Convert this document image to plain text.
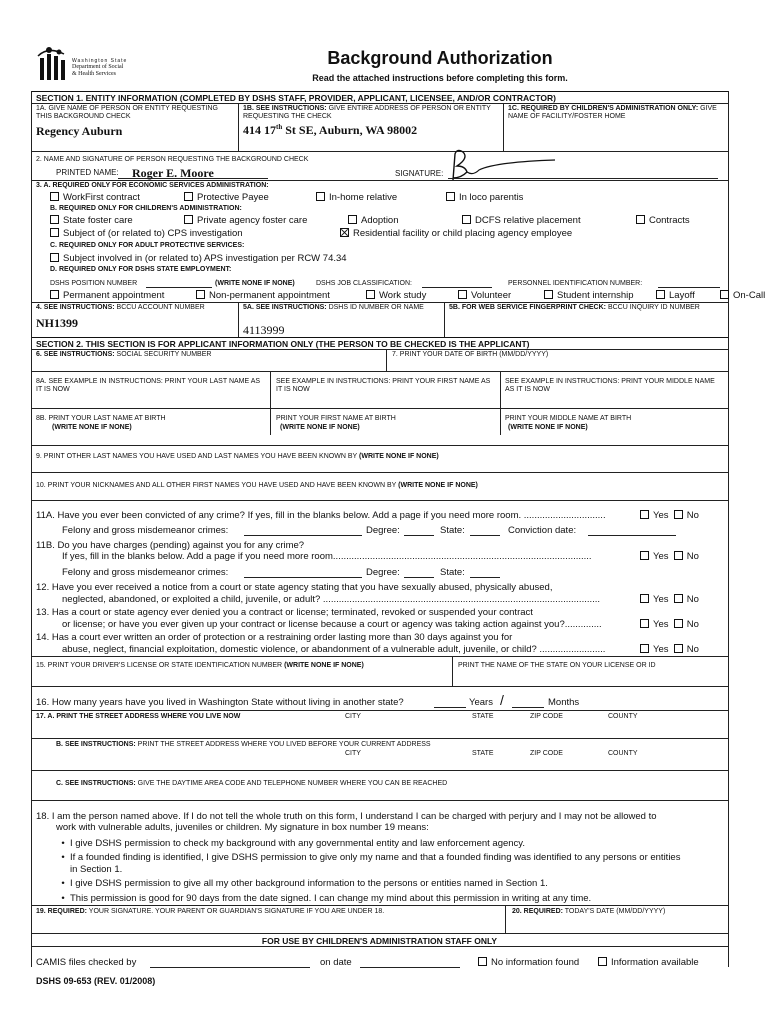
Washington State
Department of Social
& Health Services
Background Authorization
Read the attached instructions before completing this form.
SECTION 1. ENTITY INFORMATION (COMPLETED BY DSHS STAFF, PROVIDER, APPLICANT, LICENSEE, AND/OR CONTRACTOR)
1A. GIVE NAME OF PERSON OR ENTITY REQUESTING THIS BACKGROUND CHECK
Regency Auburn
1B. SEE INSTRUCTIONS: GIVE ENTIRE ADDRESS OF PERSON OR ENTITY REQUESTING THE CHECK
414 17th St SE, Auburn, WA 98002
1C. REQUIRED BY CHILDREN'S ADMINISTRATION ONLY: GIVE NAME OF FACILITY/FOSTER HOME
2. NAME AND SIGNATURE OF PERSON REQUESTING THE BACKGROUND CHECK
PRINTED NAME: Roger E. Moore	SIGNATURE:
3. A. REQUIRED ONLY FOR ECONOMIC SERVICES ADMINISTRATION:
WorkFirst contract	Protective Payee	In-home relative	In loco parentis
B. REQUIRED ONLY FOR CHILDREN'S ADMINISTRATION:
State foster care	Private agency foster care	Adoption	DCFS relative placement	Contracts
Subject of (or related to) CPS investigation	Residential facility or child placing agency employee
C. REQUIRED ONLY FOR ADULT PROTECTIVE SERVICES:
Subject involved in (or related to) APS investigation per RCW 74.34
D. REQUIRED ONLY FOR DSHS STATE EMPLOYMENT:
DSHS POSITION NUMBER	(WRITE NONE IF NONE)	DSHS JOB CLASSIFICATION:	PERSONNEL IDENTIFICATION NUMBER:
Permanent appointment	Non-permanent appointment	Work study	Volunteer	Student internship	Layoff	On-Call
4. SEE INSTRUCTIONS: BCCU ACCOUNT NUMBER
NH1399
5A. SEE INSTRUCTIONS: DSHS ID NUMBER OR NAME
4113999
5B. FOR WEB SERVICE FINGERPRINT CHECK: BCCU INQUIRY ID NUMBER
SECTION 2. THIS SECTION IS FOR APPLICANT INFORMATION ONLY (THE PERSON TO BE CHECKED IS THE APPLICANT)
6. SEE INSTRUCTIONS: SOCIAL SECURITY NUMBER	7. PRINT YOUR DATE OF BIRTH (MM/DD/YYYY)
8A. SEE EXAMPLE IN INSTRUCTIONS: PRINT YOUR LAST NAME AS IT IS NOW
SEE EXAMPLE IN INSTRUCTIONS: PRINT YOUR FIRST NAME AS IT IS NOW
SEE EXAMPLE IN INSTRUCTIONS: PRINT YOUR MIDDLE NAME AS IT IS NOW
8B. PRINT YOUR LAST NAME AT BIRTH	PRINT YOUR FIRST NAME AT BIRTH	PRINT YOUR MIDDLE NAME AT BIRTH
(WRITE NONE IF NONE)	(WRITE NONE IF NONE)	(WRITE NONE IF NONE)
9. PRINT OTHER LAST NAMES YOU HAVE USED AND LAST NAMES YOU HAVE BEEN KNOWN BY (WRITE NONE IF NONE)
10. PRINT YOUR NICKNAMES AND ALL OTHER FIRST NAMES YOU HAVE USED AND HAVE BEEN KNOWN BY (WRITE NONE IF NONE)
11A. Have you ever been convicted of any crime? If yes, fill in the blanks below. Add a page if you need more room. ...............................	Yes No
Felony and gross misdemeanor crimes:	Degree:	State:	Conviction date:
11B. Do you have charges (pending) against you for any crime?
If yes, fill in the blanks below. Add a page if you need more room..................................................................................................	Yes No
Felony and gross misdemeanor crimes:	Degree:	State:
12. Have you ever received a notice from a court or state agency stating that you have sexually abused, physically abused,
neglected, abandoned, or exploited a child, juvenile, or adult? .........................................................................................................	Yes No
13. Has a court or state agency ever denied you a contract or license; terminated, revoked or suspended your contract
or license; or have you ever given up your contract or license because a court or agency was taking action against you?..............	Yes No
14. Has a court ever written an order of protection or a restraining order lasting more than 30 days against you for
abuse, neglect, financial exploitation, domestic violence, or abandonment of a vulnerable adult, juvenile, or child? .........................	Yes No
15. PRINT YOUR DRIVER'S LICENSE OR STATE IDENTIFICATION NUMBER (WRITE NONE IF NONE)	PRINT THE NAME OF THE STATE ON YOUR LICENSE OR ID
16. How many years have you lived in Washington State without living in another state?	Years /	Months
17. A. PRINT THE STREET ADDRESS WHERE YOU LIVE NOW	CITY	STATE	ZIP CODE	COUNTY
B. SEE INSTRUCTIONS: PRINT THE STREET ADDRESS WHERE YOU LIVED BEFORE YOUR CURRENT ADDRESS
CITY	STATE	ZIP CODE	COUNTY
C. SEE INSTRUCTIONS: GIVE THE DAYTIME AREA CODE AND TELEPHONE NUMBER WHERE YOU CAN BE REACHED
18. I am the person named above. If I do not tell the whole truth on this form, I understand I can be charged with perjury and I may not be allowed to
work with vulnerable adults, juveniles or children. My signature in box number 19 means:
• I give DSHS permission to check my background with any governmental entity and law enforcement agency.
• If a founded finding is identified, I give DSHS permission to give only my name and that a founded finding was identified to any persons or entities
in Section 1.
• I give DSHS permission to give all my other background information to the persons or entities named in Section 1.
• This permission is good for 90 days from the date signed. I can change my mind about this permission in writing at any time.
19. REQUIRED: YOUR SIGNATURE. YOUR PARENT OR GUARDIAN'S SIGNATURE IF YOU ARE UNDER 18.	20. REQUIRED: TODAY'S DATE (MM/DD/YYYY)
FOR USE BY CHILDREN'S ADMINISTRATION STAFF ONLY
CAMIS files checked by	on date	No information found	Information available
DSHS 09-653 (REV. 01/2008)
